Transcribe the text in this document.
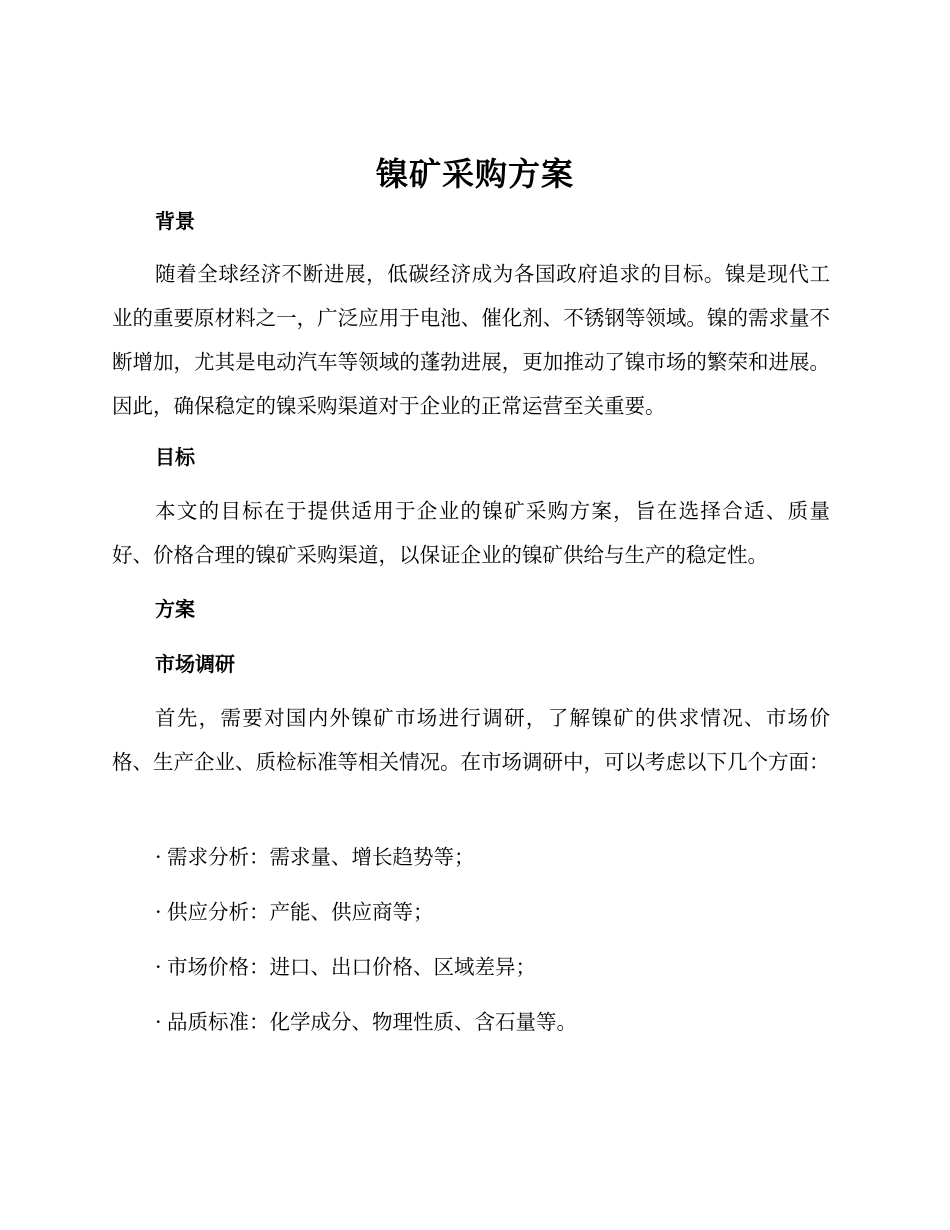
镍矿采购方案
背景

随着全球经济不断进展，低碳经济成为各国政府追求的目标。镍是现代工业的重要原材料之一，广泛应用于电池、催化剂、不锈钢等领域。镍的需求量不断增加，尤其是电动汽车等领域的蓬勃进展，更加推动了镍市场的繁荣和进展。因此，确保稳定的镍采购渠道对于企业的正常运营至关重要。

目标

本文的目标在于提供适用于企业的镍矿采购方案，旨在选择合适、质量好、价格合理的镍矿采购渠道，以保证企业的镍矿供给与生产的稳定性。

方案
市场调研

首先，需要对国内外镍矿市场进行调研，了解镍矿的供求情况、市场价格、生产企业、质检标准等相关情况。在市场调研中，可以考虑以下几个方面：

· 需求分析：需求量、增长趋势等；
· 供应分析：产能、供应商等；
· 市场价格：进口、出口价格、区域差异；
· 品质标准：化学成分、物理性质、含石量等。
